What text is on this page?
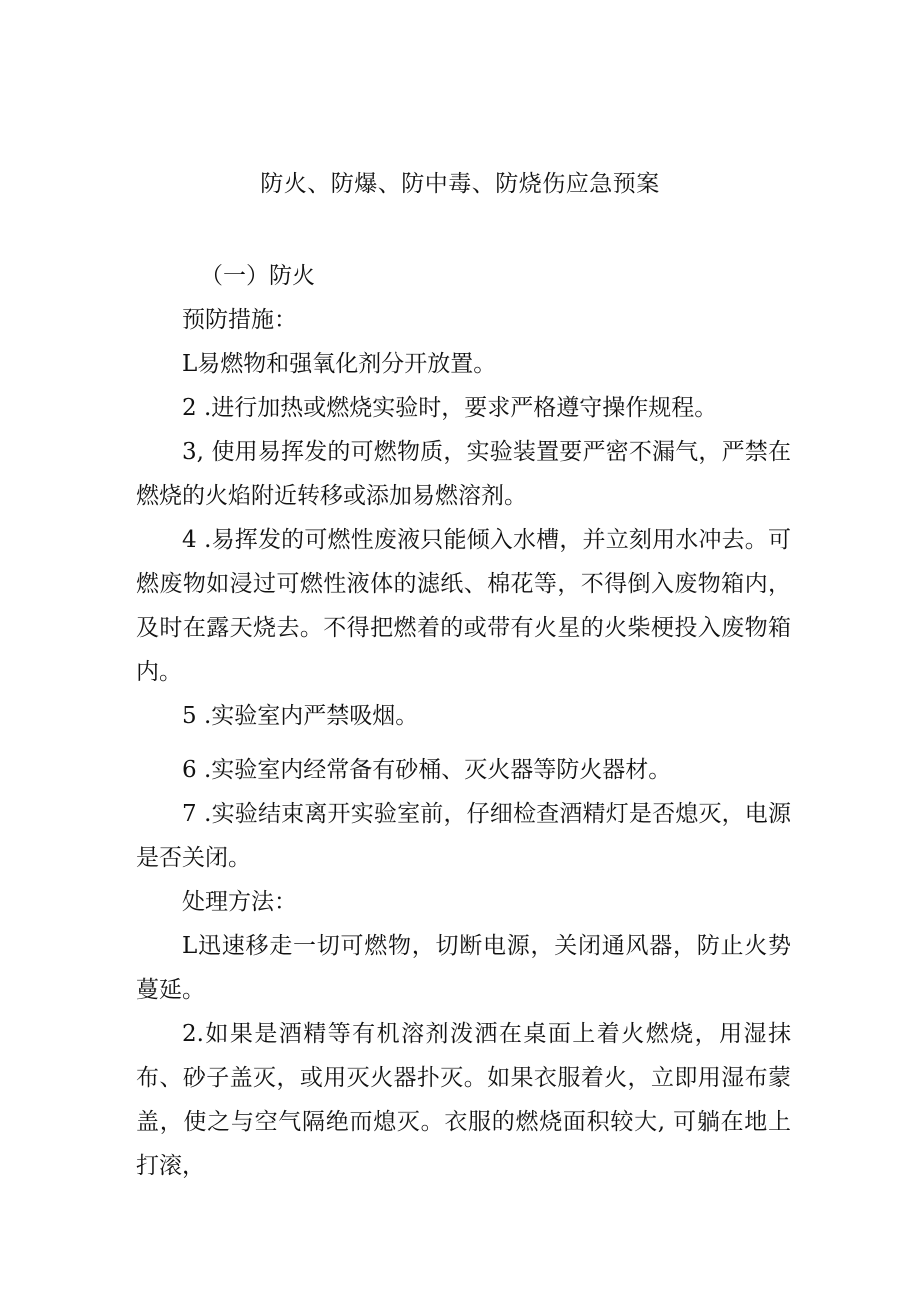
防火、防爆、防中毒、防烧伤应急预案

（一）防火

预防措施：

L易燃物和强氧化剂分开放置。

2 .进行加热或燃烧实验时，要求严格遵守操作规程。

3, 使用易挥发的可燃物质，实验装置要严密不漏气，严禁在燃烧的火焰附近转移或添加易燃溶剂。

4 .易挥发的可燃性废液只能倾入水槽，并立刻用水冲去。可燃废物如浸过可燃性液体的滤纸、棉花等，不得倒入废物箱内，及时在露天烧去。不得把燃着的或带有火星的火柴梗投入废物箱内。

5 .实验室内严禁吸烟。

6 .实验室内经常备有砂桶、灭火器等防火器材。

7 .实验结束离开实验室前，仔细检查酒精灯是否熄灭，电源是否关闭。

处理方法：

L迅速移走一切可燃物，切断电源，关闭通风器，防止火势蔓延。

2.如果是酒精等有机溶剂泼洒在桌面上着火燃烧，用湿抹布、砂子盖灭，或用灭火器扑灭。如果衣服着火，立即用湿布蒙盖，使之与空气隔绝而熄灭。衣服的燃烧面积较大, 可躺在地上打滚，
